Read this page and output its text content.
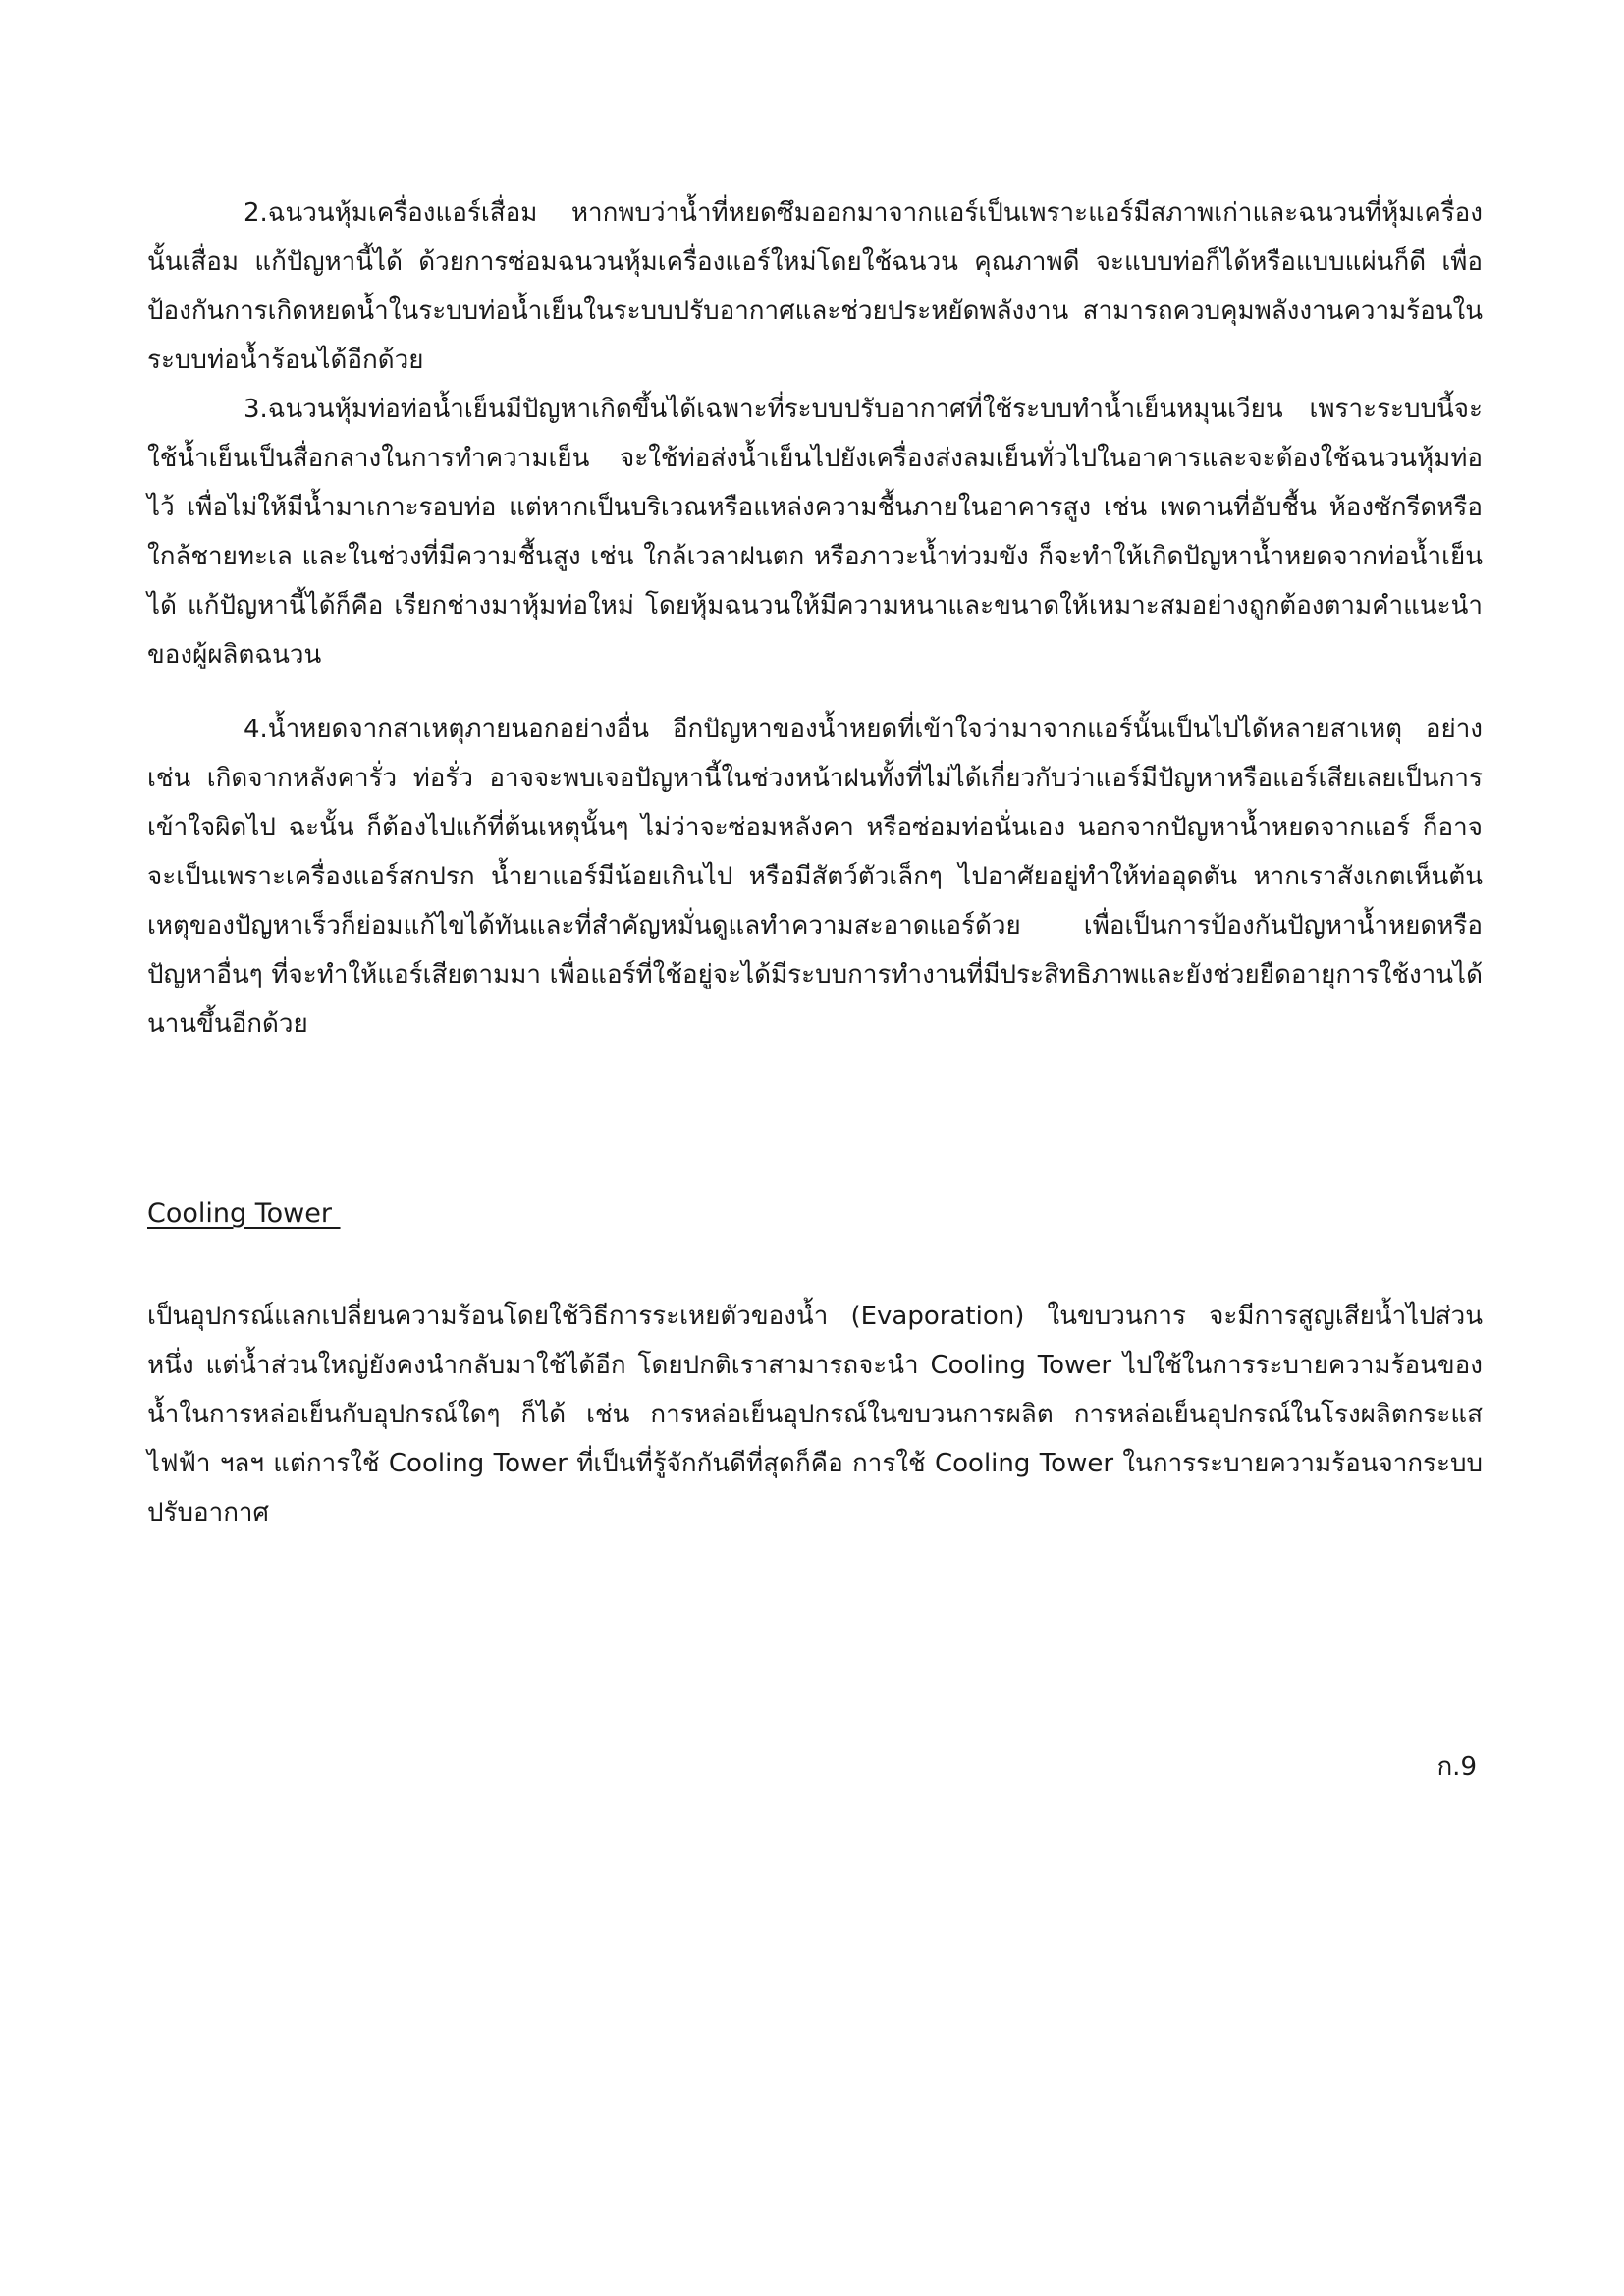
2.ฉนวนหุ้มเครื่องแอร์เสื่อม หากพบว่าน้ำที่หยดซึมออกมาจากแอร์เป็นเพราะแอร์มีสภาพเก่าและฉนวนที่หุ้มเครื่องนั้นเสื่อม แก้ปัญหานี้ได้ ด้วยการซ่อมฉนวนหุ้มเครื่องแอร์ใหม่โดยใช้ฉนวน คุณภาพดี จะแบบท่อก็ได้หรือแบบแผ่นก็ดี เพื่อป้องกันการเกิดหยดน้ำในระบบท่อน้ำเย็นในระบบปรับอากาศและช่วยประหยัดพลังงาน สามารถควบคุมพลังงานความร้อนในระบบท่อน้ำร้อนได้อีกด้วย

3.ฉนวนหุ้มท่อท่อน้ำเย็นมีปัญหาเกิดขึ้นได้เฉพาะที่ระบบปรับอากาศที่ใช้ระบบทำน้ำเย็นหมุนเวียน เพราะระบบนี้จะใช้น้ำเย็นเป็นสื่อกลางในการทำความเย็น จะใช้ท่อส่งน้ำเย็นไปยังเครื่องส่งลมเย็นทั่วไปในอาคารและจะต้องใช้ฉนวนหุ้มท่อไว้ เพื่อไม่ให้มีน้ำมาเกาะรอบท่อ แต่หากเป็นบริเวณหรือแหล่งความชื้นภายในอาคารสูง เช่น เพดานที่อับชื้น ห้องซักรีดหรือใกล้ชายทะเล และในช่วงที่มีความชื้นสูง เช่น ใกล้เวลาฝนตก หรือภาวะน้ำท่วมขัง ก็จะทำให้เกิดปัญหาน้ำหยดจากท่อน้ำเย็นได้ แก้ปัญหานี้ได้ก็คือ เรียกช่างมาหุ้มท่อใหม่ โดยหุ้มฉนวนให้มีความหนาและขนาดให้เหมาะสมอย่างถูกต้องตามคำแนะนำของผู้ผลิตฉนวน

4.น้ำหยดจากสาเหตุภายนอกอย่างอื่น อีกปัญหาของน้ำหยดที่เข้าใจว่ามาจากแอร์นั้นเป็นไปได้หลายสาเหตุ อย่างเช่น เกิดจากหลังคารั่ว ท่อรั่ว อาจจะพบเจอปัญหานี้ในช่วงหน้าฝนทั้งที่ไม่ได้เกี่ยวกับว่าแอร์มีปัญหาหรือแอร์เสียเลยเป็นการเข้าใจผิดไป ฉะนั้น ก็ต้องไปแก้ที่ต้นเหตุนั้นๆ ไม่ว่าจะซ่อมหลังคา หรือซ่อมท่อนั่นเอง นอกจากปัญหาน้ำหยดจากแอร์ ก็อาจจะเป็นเพราะเครื่องแอร์สกปรก น้ำยาแอร์มีน้อยเกินไป หรือมีสัตว์ตัวเล็กๆ ไปอาศัยอยู่ทำให้ท่ออุดตัน หากเราสังเกตเห็นต้นเหตุของปัญหาเร็วก็ย่อมแก้ไขได้ทันและที่สำคัญหมั่นดูแลทำความสะอาดแอร์ด้วย เพื่อเป็นการป้องกันปัญหาน้ำหยดหรือปัญหาอื่นๆ ที่จะทำให้แอร์เสียตามมา เพื่อแอร์ที่ใช้อยู่จะได้มีระบบการทำงานที่มีประสิทธิภาพและยังช่วยยืดอายุการใช้งานได้นานขึ้นอีกด้วย

Cooling Tower

เป็นอุปกรณ์แลกเปลี่ยนความร้อนโดยใช้วิธีการระเหยตัวของน้ำ (Evaporation) ในขบวนการ จะมีการสูญเสียน้ำไปส่วนหนึ่ง แต่น้ำส่วนใหญ่ยังคงนำกลับมาใช้ได้อีก โดยปกติเราสามารถจะนำ Cooling Tower ไปใช้ในการระบายความร้อนของน้ำในการหล่อเย็นกับอุปกรณ์ใดๆ ก็ได้ เช่น การหล่อเย็นอุปกรณ์ในขบวนการผลิต การหล่อเย็นอุปกรณ์ในโรงผลิตกระแสไฟฟ้า ฯลฯ แต่การใช้ Cooling Tower ที่เป็นที่รู้จักกันดีที่สุดก็คือ การใช้ Cooling Tower ในการระบายความร้อนจากระบบปรับอากาศ

ก.9
